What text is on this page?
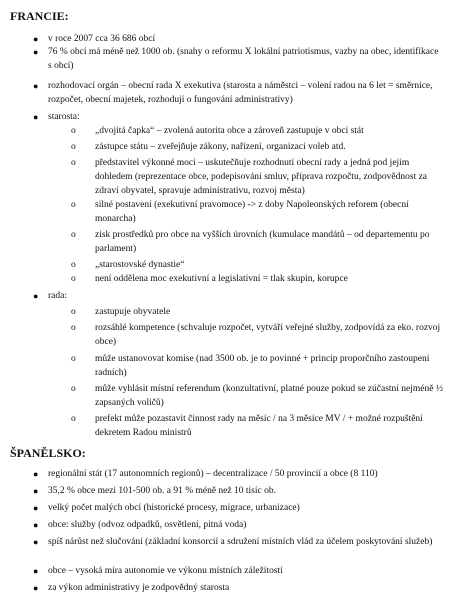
FRANCIE:
● v roce 2007 cca 36 686 obcí
● 76 % obcí má méně než 1000 ob. (snahy o reformu X lokální patriotismus, vazby na obec, identifikace s obcí)
● rozhodovací orgán – obecní rada X exekutiva (starosta a náměstci – volení radou na 6 let = směrnice, rozpočet, obecní majetek, rozhodují o fungování administrativy)
● starosta:
o „dvojitá čapka“ – zvolená autorita obce a zároveň zastupuje v obci stát
o zástupce státu – zveřejňuje zákony, nařízení, organizaci voleb atd.
o představitel výkonné moci – uskutečňuje rozhodnutí obecní rady a jedná pod jejím dohledem (reprezentace obce, podepisování smluv, příprava rozpočtu, zodpovědnost za zdraví obyvatel, spravuje administrativu, rozvoj města)
o silné postavení (exekutivní pravomoce) -> z doby Napoleonských reforem (obecní monarcha)
o zisk prostředků pro obce na vyšších úrovních (kumulace mandátů – od departementu po parlament)
o „starostovské dynastie“
o není oddělena moc exekutivní a legislativní = tlak skupin, korupce
● rada:
o zastupuje obyvatele
o rozsáhlé kompetence (schvaluje rozpočet, vytváří veřejné služby, zodpovídá za eko. rozvoj obce)
o může ustanovovat komise (nad 3500 ob. je to povinné + princip proporčního zastoupení radních)
o může vyhlásit místní referendum (konzultativní, platné pouze pokud se zúčastní nejméně ½ zapsaných voličů)
o prefekt může pozastavit činnost rady na měsíc / na 3 měsíce MV / + možné rozpuštění dekretem Radou ministrů
ŠPANĚLSKO:
● regionální stát (17 autonomních regionů) – decentralizace / 50 provincií a obce (8 110)
● 35,2 % obce mezi 101-500 ob. a 91 % méně než 10 tisíc ob.
● velký počet malých obcí (historické procesy, migrace, urbanizace)
● obce: služby (odvoz odpadků, osvětlení, pitná voda)
● spíš nárůst než slučování (základní konsorcií a sdružení místních vlád za účelem poskytování služeb)
● obce – vysoká míra autonomie ve výkonu místních záležitostí
● za výkon administrativy je zodpovědný starosta
